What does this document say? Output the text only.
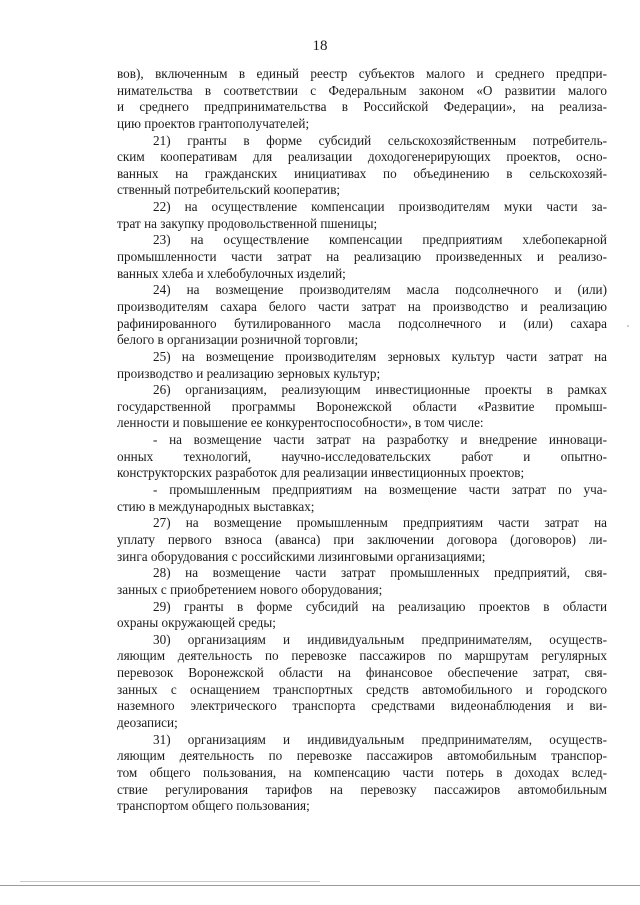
18
вов), включенным в единый реестр субъектов малого и среднего предпри-
нимательства в соответствии с Федеральным законом «О развитии малого
и среднего предпринимательства в Российской Федерации», на реализа-
цию проектов грантополучателей;
21) гранты в форме субсидий сельскохозяйственным потребитель-
ским кооперативам для реализации доходогенерирующих проектов, осно-
ванных на гражданских инициативах по объединению в сельскохозяй-
ственный потребительский кооператив;
22) на осуществление компенсации производителям муки части за-
трат на закупку продовольственной пшеницы;
23) на осуществление компенсации предприятиям хлебопекарной
промышленности части затрат на реализацию произведенных и реализо-
ванных хлеба и хлебобулочных изделий;
24) на возмещение производителям масла подсолнечного и (или)
производителям сахара белого части затрат на производство и реализацию
рафинированного бутилированного масла подсолнечного и (или) сахара
белого в организации розничной торговли;
25) на возмещение производителям зерновых культур части затрат на
производство и реализацию зерновых культур;
26) организациям, реализующим инвестиционные проекты в рамках
государственной программы Воронежской области «Развитие промыш-
ленности и повышение ее конкурентоспособности», в том числе:
- на возмещение части затрат на разработку и внедрение инноваци-
онных технологий, научно-исследовательских работ и опытно-
конструкторских разработок для реализации инвестиционных проектов;
- промышленным предприятиям на возмещение части затрат по уча-
стию в международных выставках;
27) на возмещение промышленным предприятиям части затрат на
уплату первого взноса (аванса) при заключении договора (договоров) ли-
зинга оборудования с российскими лизинговыми организациями;
28) на возмещение части затрат промышленных предприятий, свя-
занных с приобретением нового оборудования;
29) гранты в форме субсидий на реализацию проектов в области
охраны окружающей среды;
30) организациям и индивидуальным предпринимателям, осуществ-
ляющим деятельность по перевозке пассажиров по маршрутам регулярных
перевозок Воронежской области на финансовое обеспечение затрат, свя-
занных с оснащением транспортных средств автомобильного и городского
наземного электрического транспорта средствами видеонаблюдения и ви-
деозаписи;
31) организациям и индивидуальным предпринимателям, осуществ-
ляющим деятельность по перевозке пассажиров автомобильным транспор-
том общего пользования, на компенсацию части потерь в доходах вслед-
ствие регулирования тарифов на перевозку пассажиров автомобильным
транспортом общего пользования;
